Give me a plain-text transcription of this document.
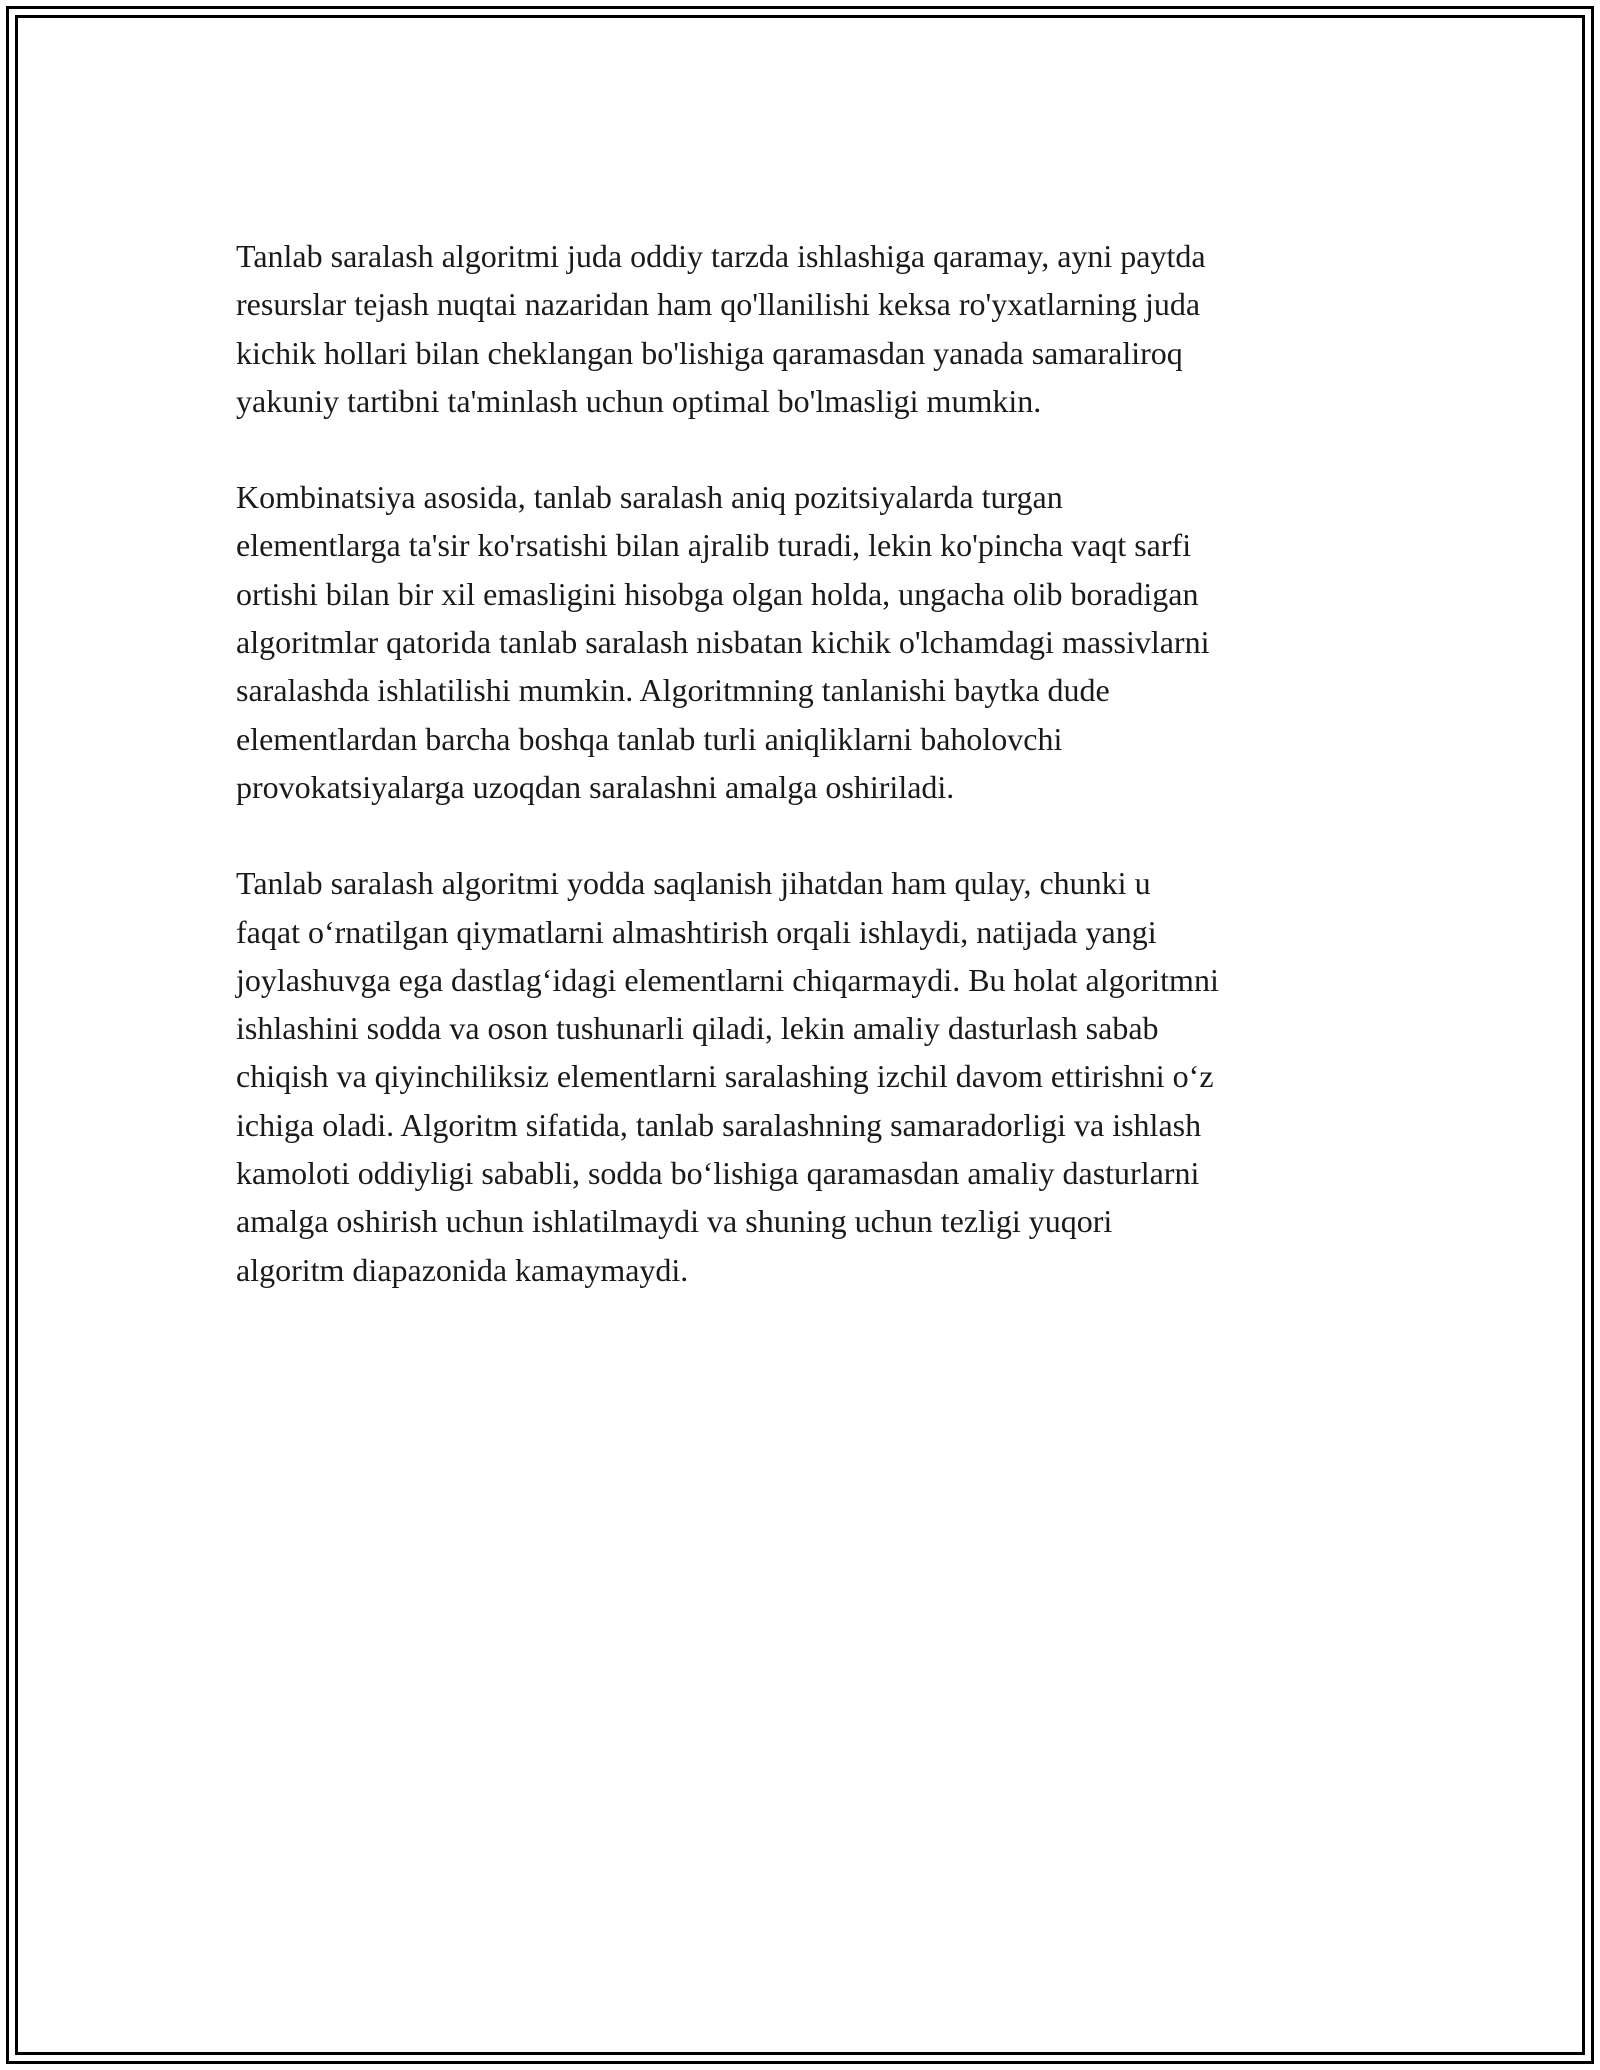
Tanlab saralash algoritmi juda oddiy tarzda ishlashiga qaramay, ayni paytda
resurslar tejash nuqtai nazaridan ham qo'llanilishi keksa ro'yxatlarning juda
kichik hollari bilan cheklangan bo'lishiga qaramasdan yanada samaraliroq
yakuniy tartibni ta'minlash uchun optimal bo'lmasligi mumkin.

Kombinatsiya asosida, tanlab saralash aniq pozitsiyalarda turgan
elementlarga ta'sir ko'rsatishi bilan ajralib turadi, lekin ko'pincha vaqt sarfi
ortishi bilan bir xil emasligini hisobga olgan holda, ungacha olib boradigan
algoritmlar qatorida tanlab saralash nisbatan kichik o'lchamdagi massivlarni
saralashda ishlatilishi mumkin. Algoritmning tanlanishi baytka dude
elementlardan barcha boshqa tanlab turli aniqliklarni baholovchi
provokatsiyalarga uzoqdan saralashni amalga oshiriladi.

Tanlab saralash algoritmi yodda saqlanish jihatdan ham qulay, chunki u
faqat o‘rnatilgan qiymatlarni almashtirish orqali ishlaydi, natijada yangi
joylashuvga ega dastlag‘idagi elementlarni chiqarmaydi. Bu holat algoritmni
ishlashini sodda va oson tushunarli qiladi, lekin amaliy dasturlash sabab
chiqish va qiyinchiliksiz elementlarni saralashing izchil davom ettirishni o‘z
ichiga oladi. Algoritm sifatida, tanlab saralashning samaradorligi va ishlash
kamoloti oddiyligi sababli, sodda bo‘lishiga qaramasdan amaliy dasturlarni
amalga oshirish uchun ishlatilmaydi va shuning uchun tezligi yuqori
algoritm diapazonida kamaymaydi.
